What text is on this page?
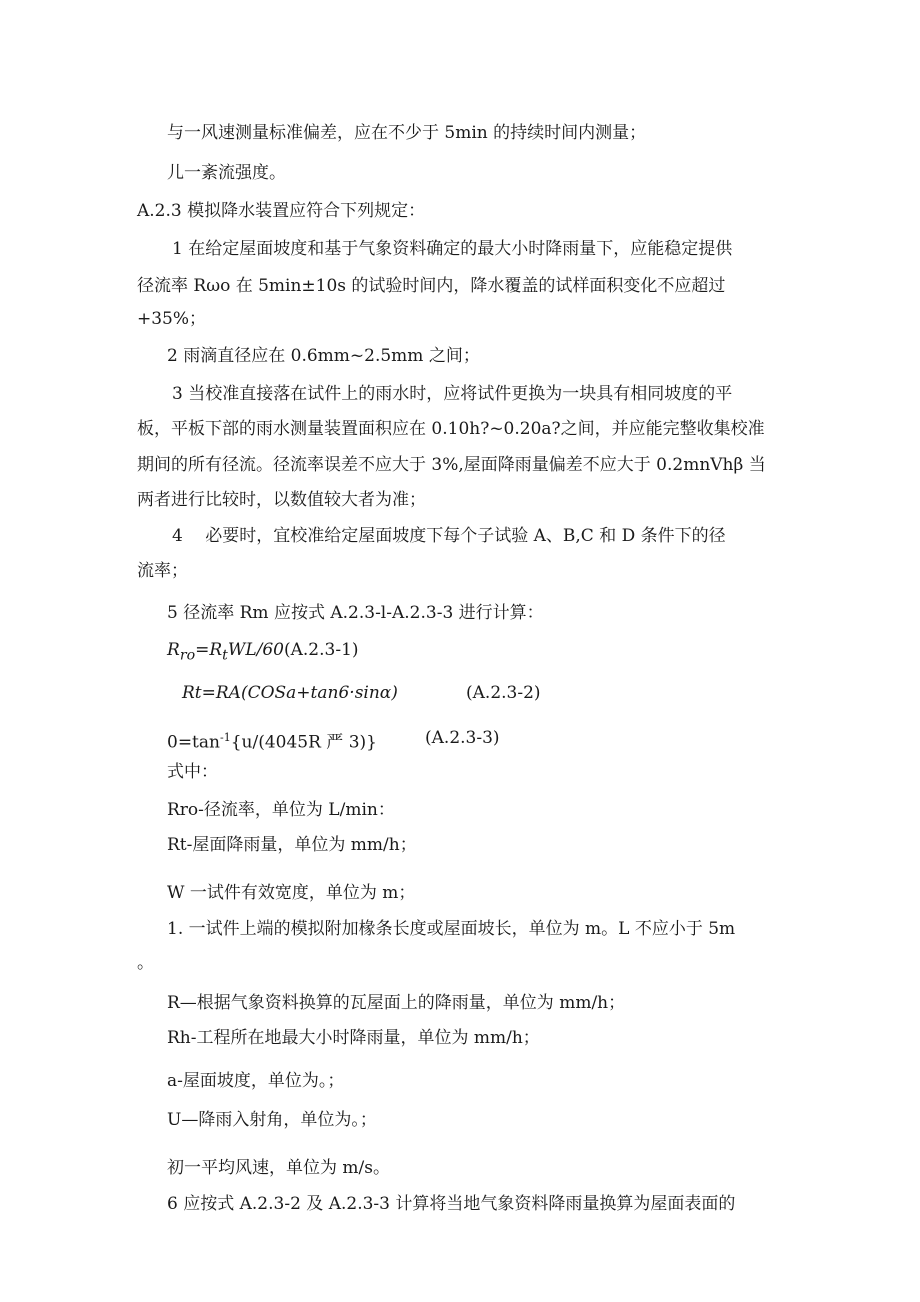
与一风速测量标准偏差，应在不少于 5min 的持续时间内测量；
儿一紊流强度。
A.2.3 模拟降水装置应符合下列规定：
1 在给定屋面坡度和基于气象资料确定的最大小时降雨量下，应能稳定提供
径流率 Rωo 在 5min±10s 的试验时间内，降水覆盖的试样面积变化不应超过
+35%；
2 雨滴直径应在 0.6mm~2.5mm 之间；
3 当校准直接落在试件上的雨水时，应将试件更换为一块具有相同坡度的平
板，平板下部的雨水测量装置面积应在 0.10h?~0.20a?之间，并应能完整收集校准
期间的所有径流。径流率误差不应大于 3%,屋面降雨量偏差不应大于 0.2mnVhβ 当
两者进行比较时，以数值较大者为准；
4　 必要时，宜校准给定屋面坡度下每个子试验 A、B,C 和 D 条件下的径
流率；
5 径流率 Rm 应按式 A.2.3-l-A.2.3-3 进行计算：
$R_{ro}=R_tWL/60(A.2.3-1)$
Rt=RA(COSa+tan6·sinα)	(A.2.3-2)
$0=\tan^{-1}\{u/(4045R$ 严 3)}	(A.2.3-3)
式中：
Rro-径流率，单位为 L/min：
Rt-屋面降雨量，单位为 mm/h；
W 一试件有效宽度，单位为 m；
1. 一试件上端的模拟附加椽条长度或屋面坡长，单位为 m。L 不应小于 5m
。
R—根据气象资料换算的瓦屋面上的降雨量，单位为 mm/h；
Rh-工程所在地最大小时降雨量，单位为 mm/h；
a-屋面坡度，单位为。；
U—降雨入射角，单位为。；
初一平均风速，单位为 m/s。
6 应按式 A.2.3-2 及 A.2.3-3 计算将当地气象资料降雨量换算为屋面表面的
